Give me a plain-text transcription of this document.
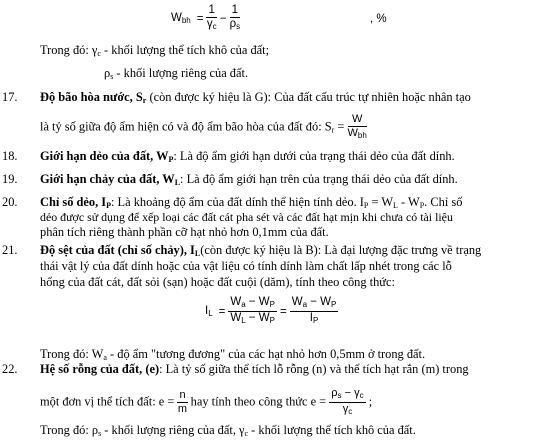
$W_{bh} = \frac{1}{\gamma_c} - \frac{1}{\rho_s}$	, %
Trong đó: $\gamma_c$ - khối lượng thể tích khô của đất;
$\rho_s$ - khối lượng riêng của đất.
17. Độ bão hòa nước, $S_r$ (còn được ký hiệu là G): Của đất cấu trúc tự nhiên hoặc nhân tạo
là tỷ số giữa độ ẩm hiện có và độ ẩm bão hòa của đất đó: $S_r = \frac{W}{W_{bh}}$
18. Giới hạn dẻo của đất, $W_P$: Là độ ẩm giới hạn dưới của trạng thái dẻo của đất dính.
19. Giới hạn chảy của đất, $W_L$: Là độ ẩm giới hạn trên của trạng thái dẻo của đất dính.
20. Chỉ số dẻo, $I_P$: Là khoảng độ ẩm của đất dính thể hiện tính dẻo. $I_P = W_L - W_P$. Chỉ số
dẻo được sử dụng để xếp loại các đất cát pha sét và các đất hạt mịn khi chưa có tài liệu
phân tích riêng thành phần cỡ hạt nhỏ hơn 0,1mm của đất.
21. Độ sệt của đất (chỉ số chảy), $I_L(còn$ được ký hiệu là B): Là đại lượng đặc trưng về trạng
thái vật lý của đất dính hoặc của vật liệu có tính dính làm chất lấp nhét trong các lỗ
hổng của đất cát, đất sỏi (sạn) hoặc đất cuội (dăm), tính theo công thức:
$I_L = \frac{W_a - W_P}{W_L - W_P} = \frac{W_a - W_P}{I_P}$
Trong đó: $W_a$ - độ ẩm "tương đương" của các hạt nhỏ hơn 0,5mm ở trong đất.
22. Hệ số rỗng của đất, (e): Là tỷ số giữa thể tích lỗ rỗng (n) và thể tích hạt rắn (m) trong
một đơn vị thể tích đất: $e = \frac{n}{m}$ hay tính theo công thức $e = \frac{\rho_s - \gamma_c}{\gamma_c}$ ;
Trong đó: $\rho_s$ - khối lượng riêng của đất, $\gamma_c$ - khối lượng thể tích khô của đất.
